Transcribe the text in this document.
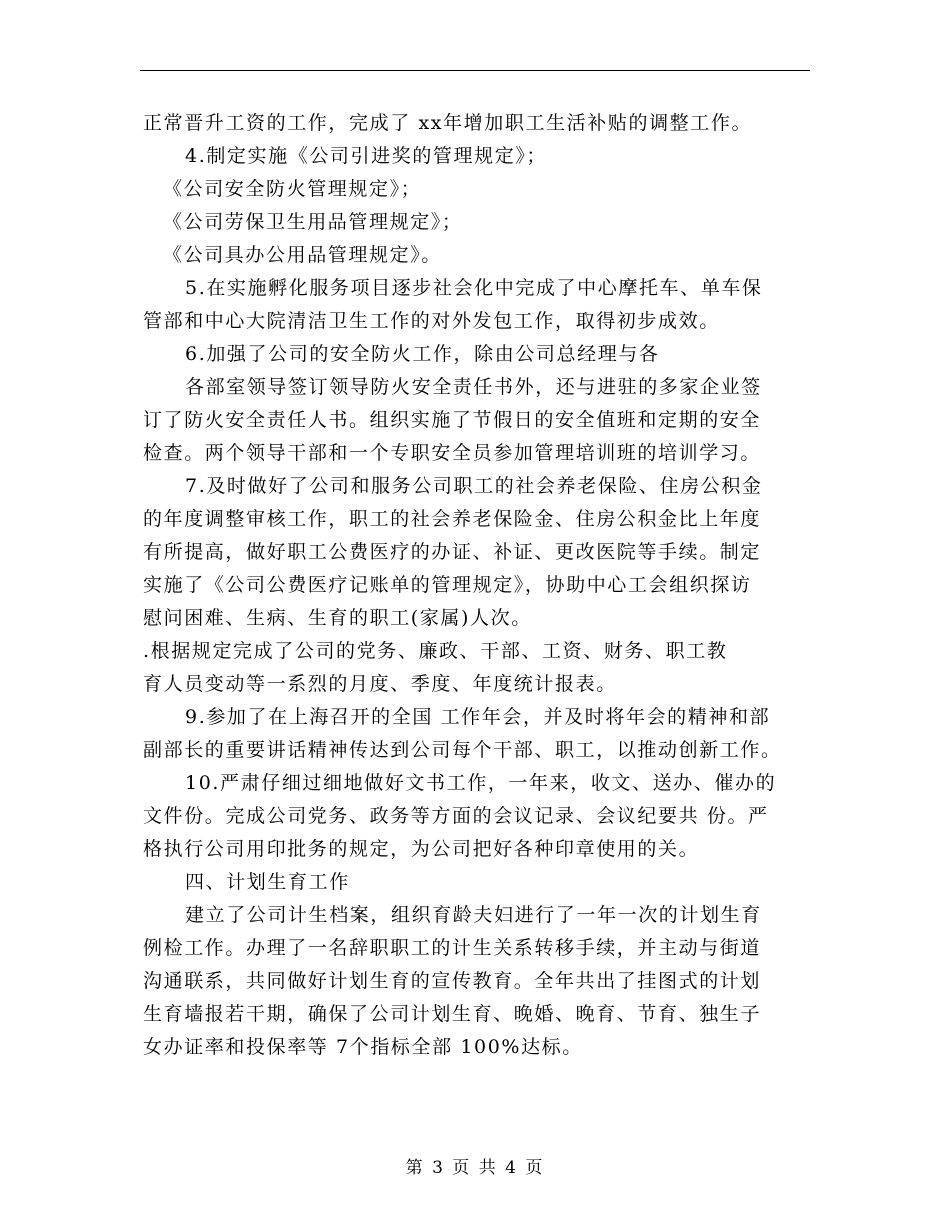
正常晋升工资的工作，完成了 xx年增加职工生活补贴的调整工作。
4.制定实施《公司引进奖的管理规定》；
《公司安全防火管理规定》；
《公司劳保卫生用品管理规定》；
《公司具办公用品管理规定》。
5.在实施孵化服务项目逐步社会化中完成了中心摩托车、单车保
管部和中心大院清洁卫生工作的对外发包工作，取得初步成效。
6.加强了公司的安全防火工作，除由公司总经理与各
各部室领导签订领导防火安全责任书外，还与进驻的多家企业签
订了防火安全责任人书。组织实施了节假日的安全值班和定期的安全
检查。两个领导干部和一个专职安全员参加管理培训班的培训学习。
7.及时做好了公司和服务公司职工的社会养老保险、住房公积金
的年度调整审核工作，职工的社会养老保险金、住房公积金比上年度
有所提高，做好职工公费医疗的办证、补证、更改医院等手续。制定
实施了《公司公费医疗记账单的管理规定》，协助中心工会组织探访
慰问困难、生病、生育的职工(家属)人次。
.根据规定完成了公司的党务、廉政、干部、工资、财务、职工教
育人员变动等一系烈的月度、季度、年度统计报表。
9.参加了在上海召开的全国 工作年会，并及时将年会的精神和部
副部长的重要讲话精神传达到公司每个干部、职工，以推动创新工作。
10.严肃仔细过细地做好文书工作，一年来，收文、送办、催办的
文件份。完成公司党务、政务等方面的会议记录、会议纪要共 份。严
格执行公司用印批务的规定，为公司把好各种印章使用的关。
四、计划生育工作
建立了公司计生档案，组织育龄夫妇进行了一年一次的计划生育
例检工作。办理了一名辞职职工的计生关系转移手续，并主动与街道
沟通联系，共同做好计划生育的宣传教育。全年共出了挂图式的计划
生育墙报若干期，确保了公司计划生育、晚婚、晚育、节育、独生子
女办证率和投保率等 7个指标全部 100%达标。
第 3 页 共 4 页
